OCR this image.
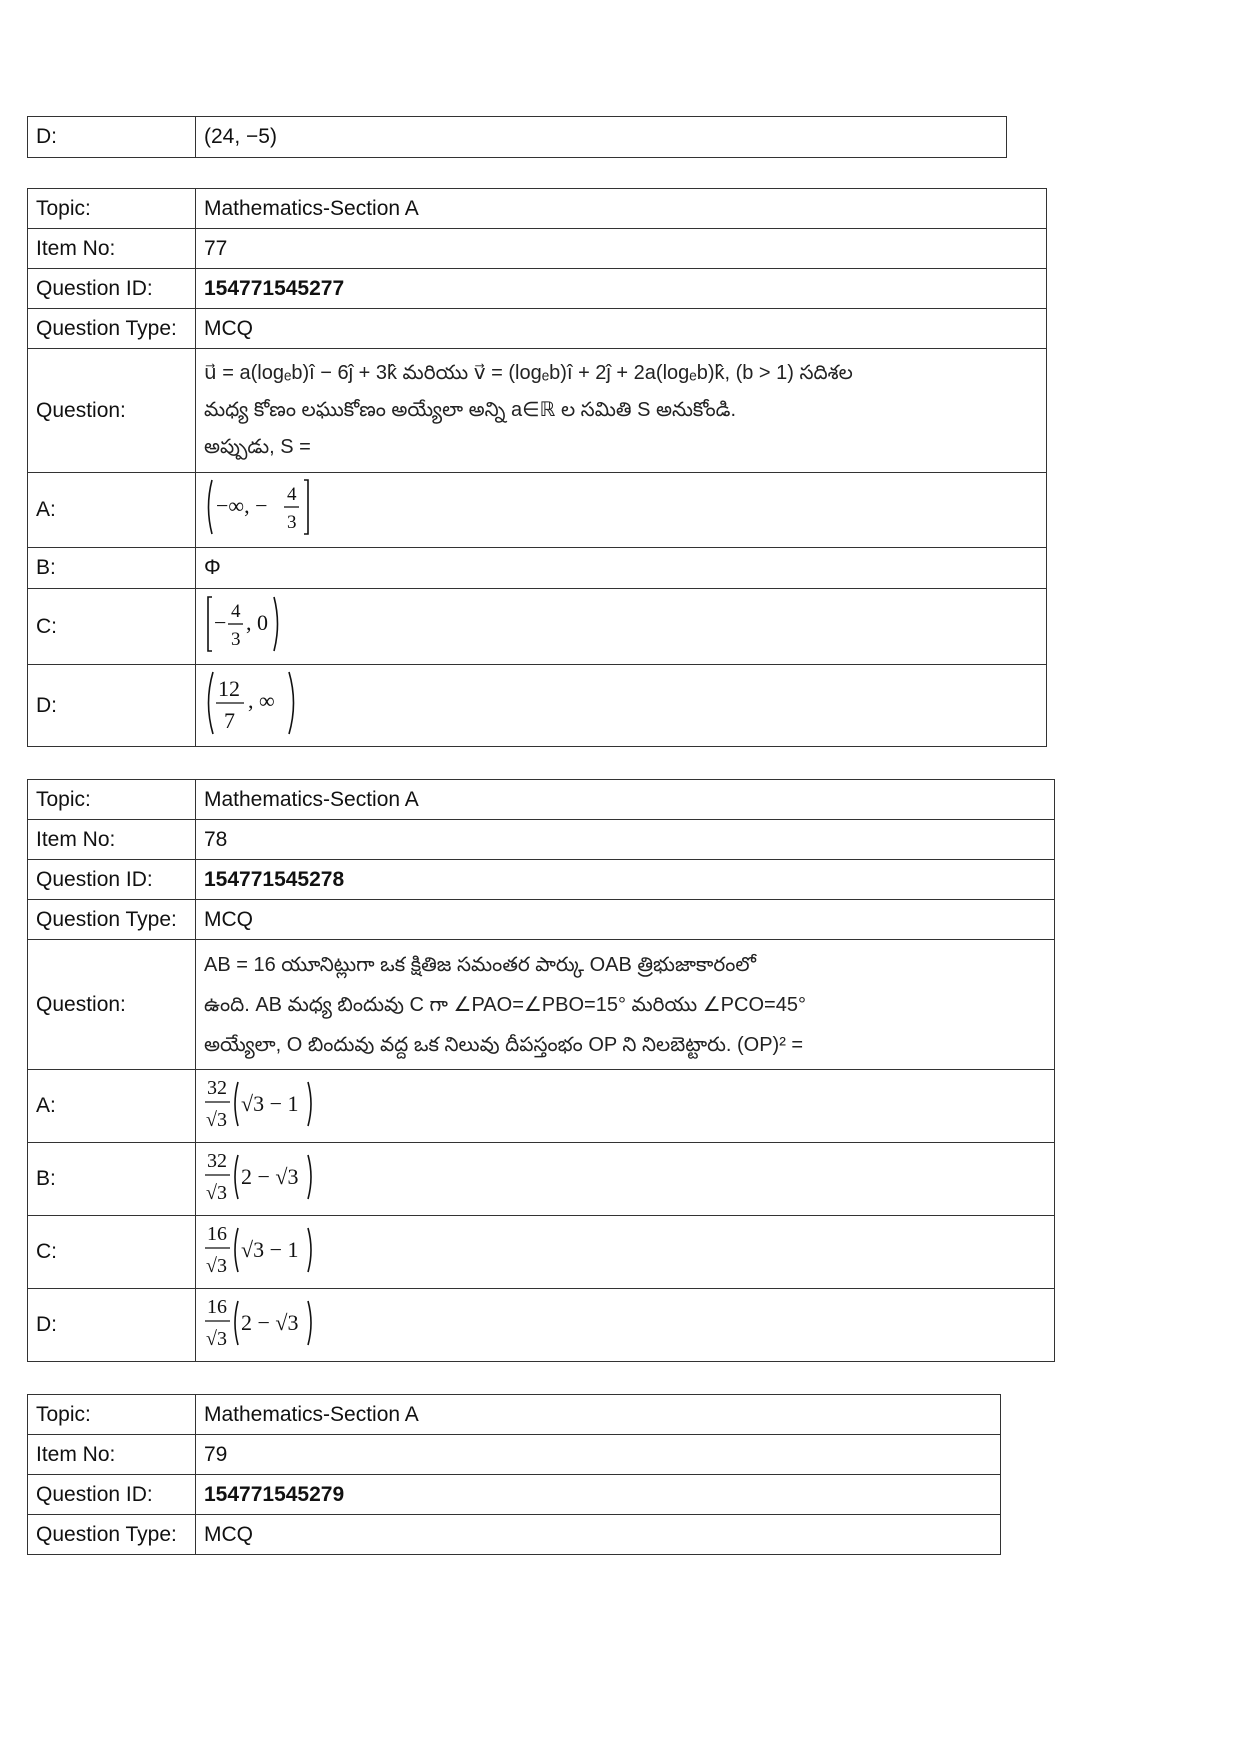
D:	(24, −5)
Topic:	Mathematics-Section A
Item No:	77
Question ID:	154771545277
Question Type:	MCQ
Question:	u⃗ = a(logₑb)î − 6ĵ + 3k̂ మరియు v⃗ = (logₑb)î + 2ĵ + 2a(logₑb)k̂, (b > 1) సదిశల
మధ్య కోణం లఘుకోణం అయ్యేలా అన్ని a∈ℝ ల సమితి S అనుకోండి.
అప్పుడు, S =

A:	−∞, − 4
3

B:	Φ
C:	− 4
3
, 0

D:	12
7
, ∞
Topic:	Mathematics-Section A
Item No:	78
Question ID:	154771545278
Question Type:	MCQ
Question:	AB = 16 యూనిట్లుగా ఒక క్షితిజ సమంతర పార్కు OAB త్రిభుజాకారంలో
ఉంది. AB మధ్య బిందువు C గా ∠PAO=∠PBO=15° మరియు ∠PCO=45°
అయ్యేలా, O బిందువు వద్ద ఒక నిలువు దీపస్తంభం OP ని నిలబెట్టారు. (OP)² =

A:	32
√3
√3 − 1

B:	32
√3
2 − √3

C:	16
√3
√3 − 1

D:	16
√3
2 − √3
Topic:	Mathematics-Section A
Item No:	79
Question ID:	154771545279
Question Type:	MCQ
